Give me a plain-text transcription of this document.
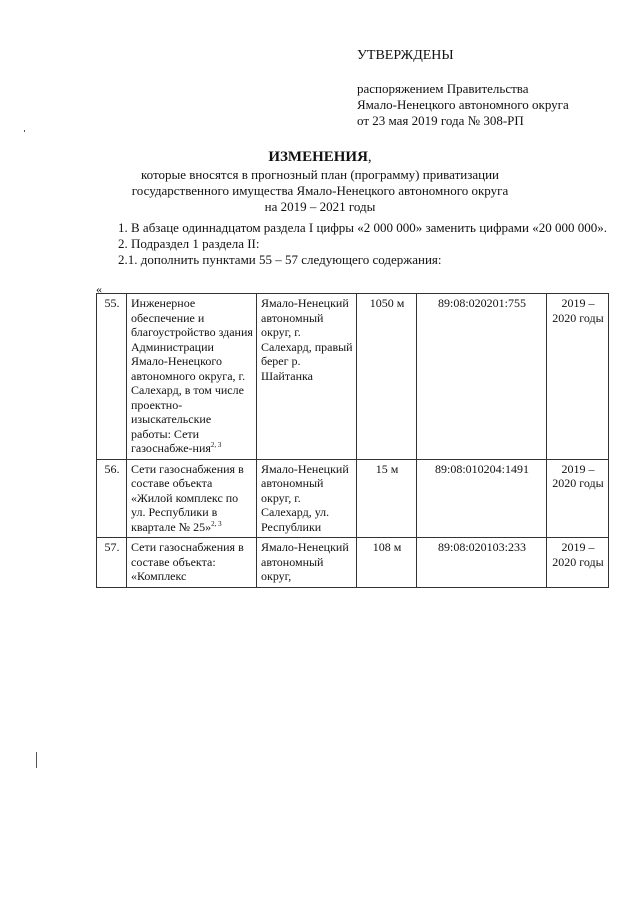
УТВЕРЖДЕНЫ
распоряжением Правительства
Ямало-Ненецкого автономного округа
от 23 мая 2019 года № 308-РП
ИЗМЕНЕНИЯ,
которые вносятся в прогнозный план (программу) приватизации
государственного имущества Ямало-Ненецкого автономного округа
на 2019 – 2021 годы

1. В абзаце одиннадцатом раздела I цифры «2 000 000» заменить цифрами «20 000 000».

2. Подраздел 1 раздела II:

2.1. дополнить пунктами 55 – 57 следующего содержания:

«
55.	Инженерное обеспечение и благоустройство здания Администрации Ямало-Ненецкого автономного округа, г. Салехард, в том числе проектно-изыскательские работы: Сети газоснабже-ния$^{2, 3}$	Ямало-Ненецкий автономный округ, г. Салехард, правый берег р. Шайтанка	1050 м	89:08:020201:755	2019 – 2020 годы
56.	Сети газоснабжения в составе объекта «Жилой комплекс по ул. Республики в квартале № 25»$^{2, 3}$	Ямало-Ненецкий автономный округ, г. Салехард, ул. Республики	15 м	89:08:010204:1491	2019 – 2020 годы
57.	Сети газоснабжения в составе объекта: «Комплекс	Ямало-Ненецкий автономный округ,	108 м	89:08:020103:233	2019 – 2020 годы
